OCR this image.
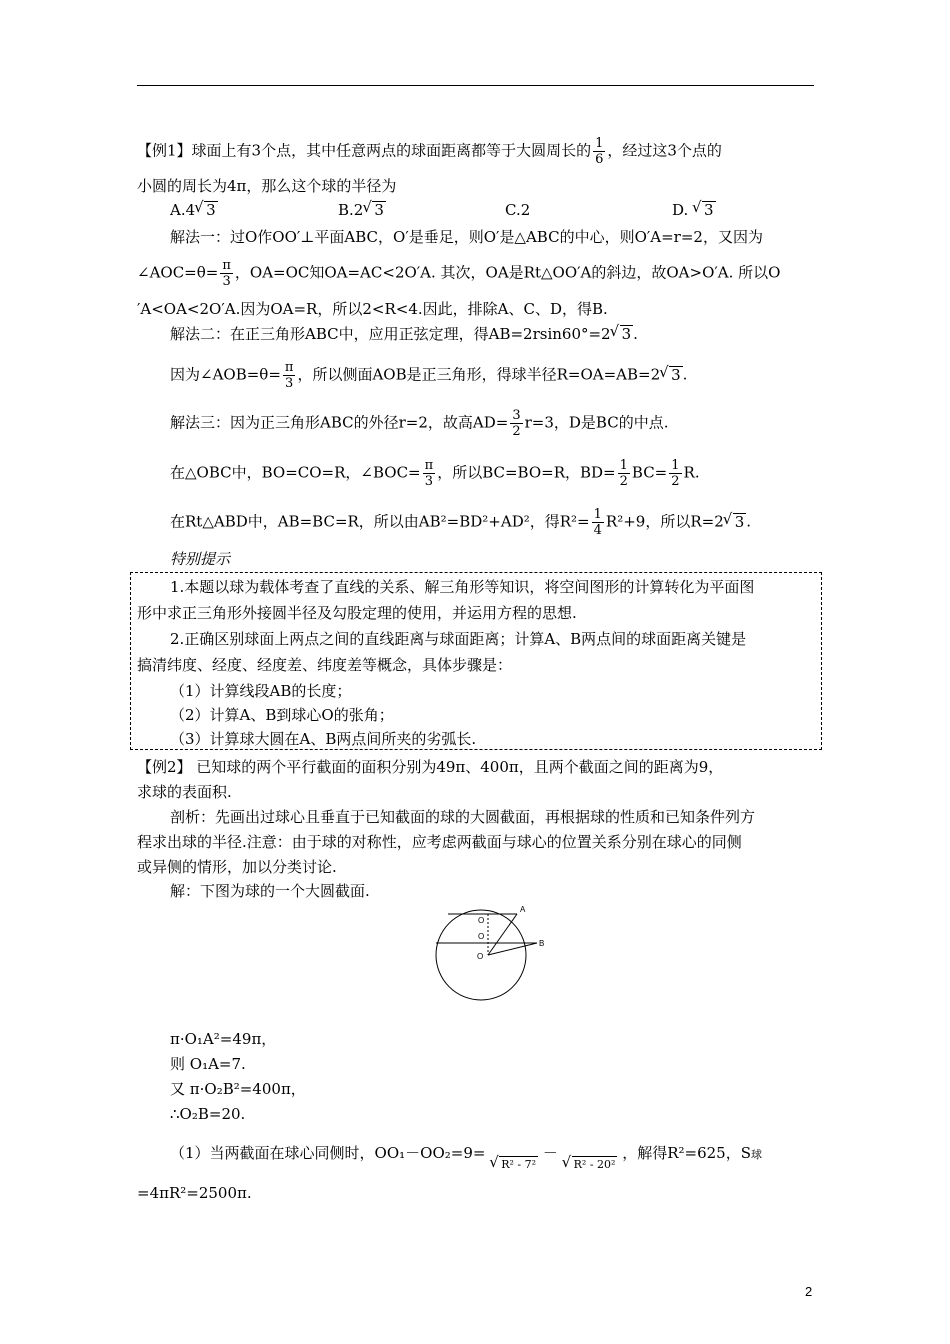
【例1】球面上有3个点，其中任意两点的球面距离都等于大圆周长的 $\frac{1}{6}$ ，经过这3个点的
小圆的周长为4π，那么这个球的半径为
A.4 √ 3	B.2 √ 3	C.2	D. √ 3
解法一：过O作OO′⊥平面ABC，O′是垂足，则O′是△ABC的中心，则O′A=r=2，又因为
∠AOC=θ= $\frac{\pi}{3}$ ，OA=OC知OA=AC<2O′A. 其次，OA是Rt△OO′A的斜边，故OA>O′A. 所以O
′A<OA<2O′A.因为OA=R，所以2<R<4.因此，排除A、C、D，得B.
解法二：在正三角形ABC中，应用正弦定理，得AB=2rsin60°=2 √ 3 .
因为∠AOB=θ= $\frac{\pi}{3}$ ，所以侧面AOB是正三角形，得球半径R=OA=AB=2 √ 3 .
解法三：因为正三角形ABC的外径r=2，故高$AD= \frac{3}{2} r=3$，D是BC的中点.
在△OBC中，BO=CO=R，∠BOC= $\frac{\pi}{3}$ ，所以BC=BO=R，$BD= \frac{1}{2} BC= \frac{1}{2} R$.
在Rt△ABD中，AB=BC=R，所以由AB²=BD²+AD²，得$R^2= \frac{1}{4} R^2+9$，所以R=2 √ 3 .
特别提示
1.本题以球为载体考查了直线的关系、解三角形等知识，将空间图形的计算转化为平面图
形中求正三角形外接圆半径及勾股定理的使用，并运用方程的思想.
2.正确区别球面上两点之间的直线距离与球面距离；计算A、B两点间的球面距离关键是
搞清纬度、经度、经度差、纬度差等概念，具体步骤是：
（1）计算线段AB的长度；
（2）计算A、B到球心O的张角；
（3）计算球大圆在A、B两点间所夹的劣弧长.
【例2】 已知球的两个平行截面的面积分别为49π、400π，且两个截面之间的距离为9，
求球的表面积.
剖析：先画出过球心且垂直于已知截面的球的大圆截面，再根据球的性质和已知条件列方
程求出球的半径.注意：由于球的对称性，应考虑两截面与球心的位置关系分别在球心的同侧
或异侧的情形，加以分类讨论.
解：下图为球的一个大圆截面.
O
O
O
A
B
π·O₁A²=49π，
则 O₁A=7.
又 π·O₂B²=400π，
∴O₂B=20.
（1）当两截面在球心同侧时，OO₁－OO₂=9= √ R² - 7² － √ R² - 20² ，解得R²=625，S球
=4πR²=2500π.
2
